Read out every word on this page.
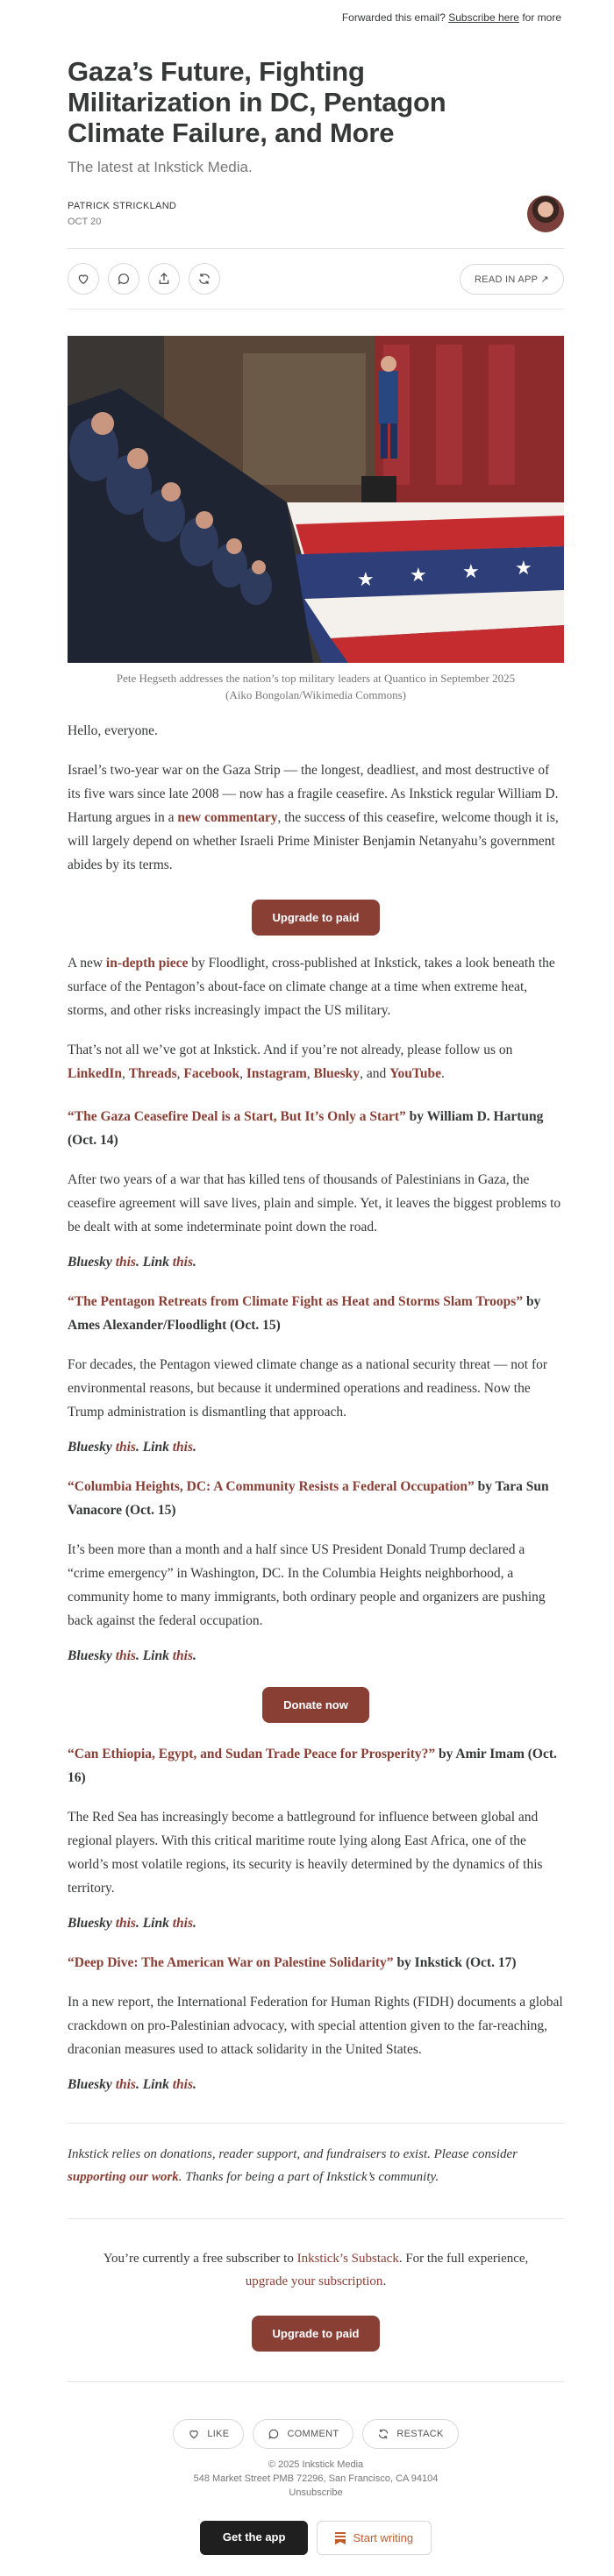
Forwarded this email? Subscribe here for more
Gaza’s Future, Fighting Militarization in DC, Pentagon Climate Failure, and More
The latest at Inkstick Media.
PATRICK STRICKLAND
OCT 20
READ IN APP ↗
★ ★ ★ ★
Pete Hegseth addresses the nation’s top military leaders at Quantico in September 2025 (Aiko Bongolan/Wikimedia Commons)

Hello, everyone.

Israel’s two-year war on the Gaza Strip — the longest, deadliest, and most destructive of its five wars since late 2008 — now has a fragile ceasefire. As Inkstick regular William D. Hartung argues in a new commentary, the success of this ceasefire, welcome though it is, will largely depend on whether Israeli Prime Minister Benjamin Netanyahu’s government abides by its terms.

Upgrade to paid

A new in-depth piece by Floodlight, cross-published at Inkstick, takes a look beneath the surface of the Pentagon’s about-face on climate change at a time when extreme heat, storms, and other risks increasingly impact the US military.

That’s not all we’ve got at Inkstick. And if you’re not already, please follow us on LinkedIn, Threads, Facebook, Instagram, Bluesky, and YouTube.

“The Gaza Ceasefire Deal is a Start, But It’s Only a Start” by William D. Hartung (Oct. 14)

After two years of a war that has killed tens of thousands of Palestinians in Gaza, the ceasefire agreement will save lives, plain and simple. Yet, it leaves the biggest problems to be dealt with at some indeterminate point down the road.

Bluesky this. Link this.
“The Pentagon Retreats from Climate Fight as Heat and Storms Slam Troops” by Ames Alexander/Floodlight (Oct. 15)

For decades, the Pentagon viewed climate change as a national security threat — not for environmental reasons, but because it undermined operations and readiness. Now the Trump administration is dismantling that approach.

Bluesky this. Link this.
“Columbia Heights, DC: A Community Resists a Federal Occupation” by Tara Sun Vanacore (Oct. 15)

It’s been more than a month and a half since US President Donald Trump declared a “crime emergency” in Washington, DC. In the Columbia Heights neighborhood, a community home to many immigrants, both ordinary people and organizers are pushing back against the federal occupation.

Bluesky this. Link this.
Donate now
“Can Ethiopia, Egypt, and Sudan Trade Peace for Prosperity?” by Amir Imam (Oct. 16)

The Red Sea has increasingly become a battleground for influence between global and regional players. With this critical maritime route lying along East Africa, one of the world’s most volatile regions, its security is heavily determined by the dynamics of this territory.

Bluesky this. Link this.
“Deep Dive: The American War on Palestine Solidarity” by Inkstick (Oct. 17)

In a new report, the International Federation for Human Rights (FIDH) documents a global crackdown on pro-Palestinian advocacy, with special attention given to the far-reaching, draconian measures used to attack solidarity in the United States.

Bluesky this. Link this.

Inkstick relies on donations, reader support, and fundraisers to exist. Please consider supporting our work. Thanks for being a part of Inkstick’s community.

You’re currently a free subscriber to Inkstick’s Substack. For the full experience, upgrade your subscription.

Upgrade to paid
LIKE	COMMENT	RESTACK
© 2025 Inkstick Media
548 Market Street PMB 72296, San Francisco, CA 94104
Unsubscribe
Get the app	Start writing
